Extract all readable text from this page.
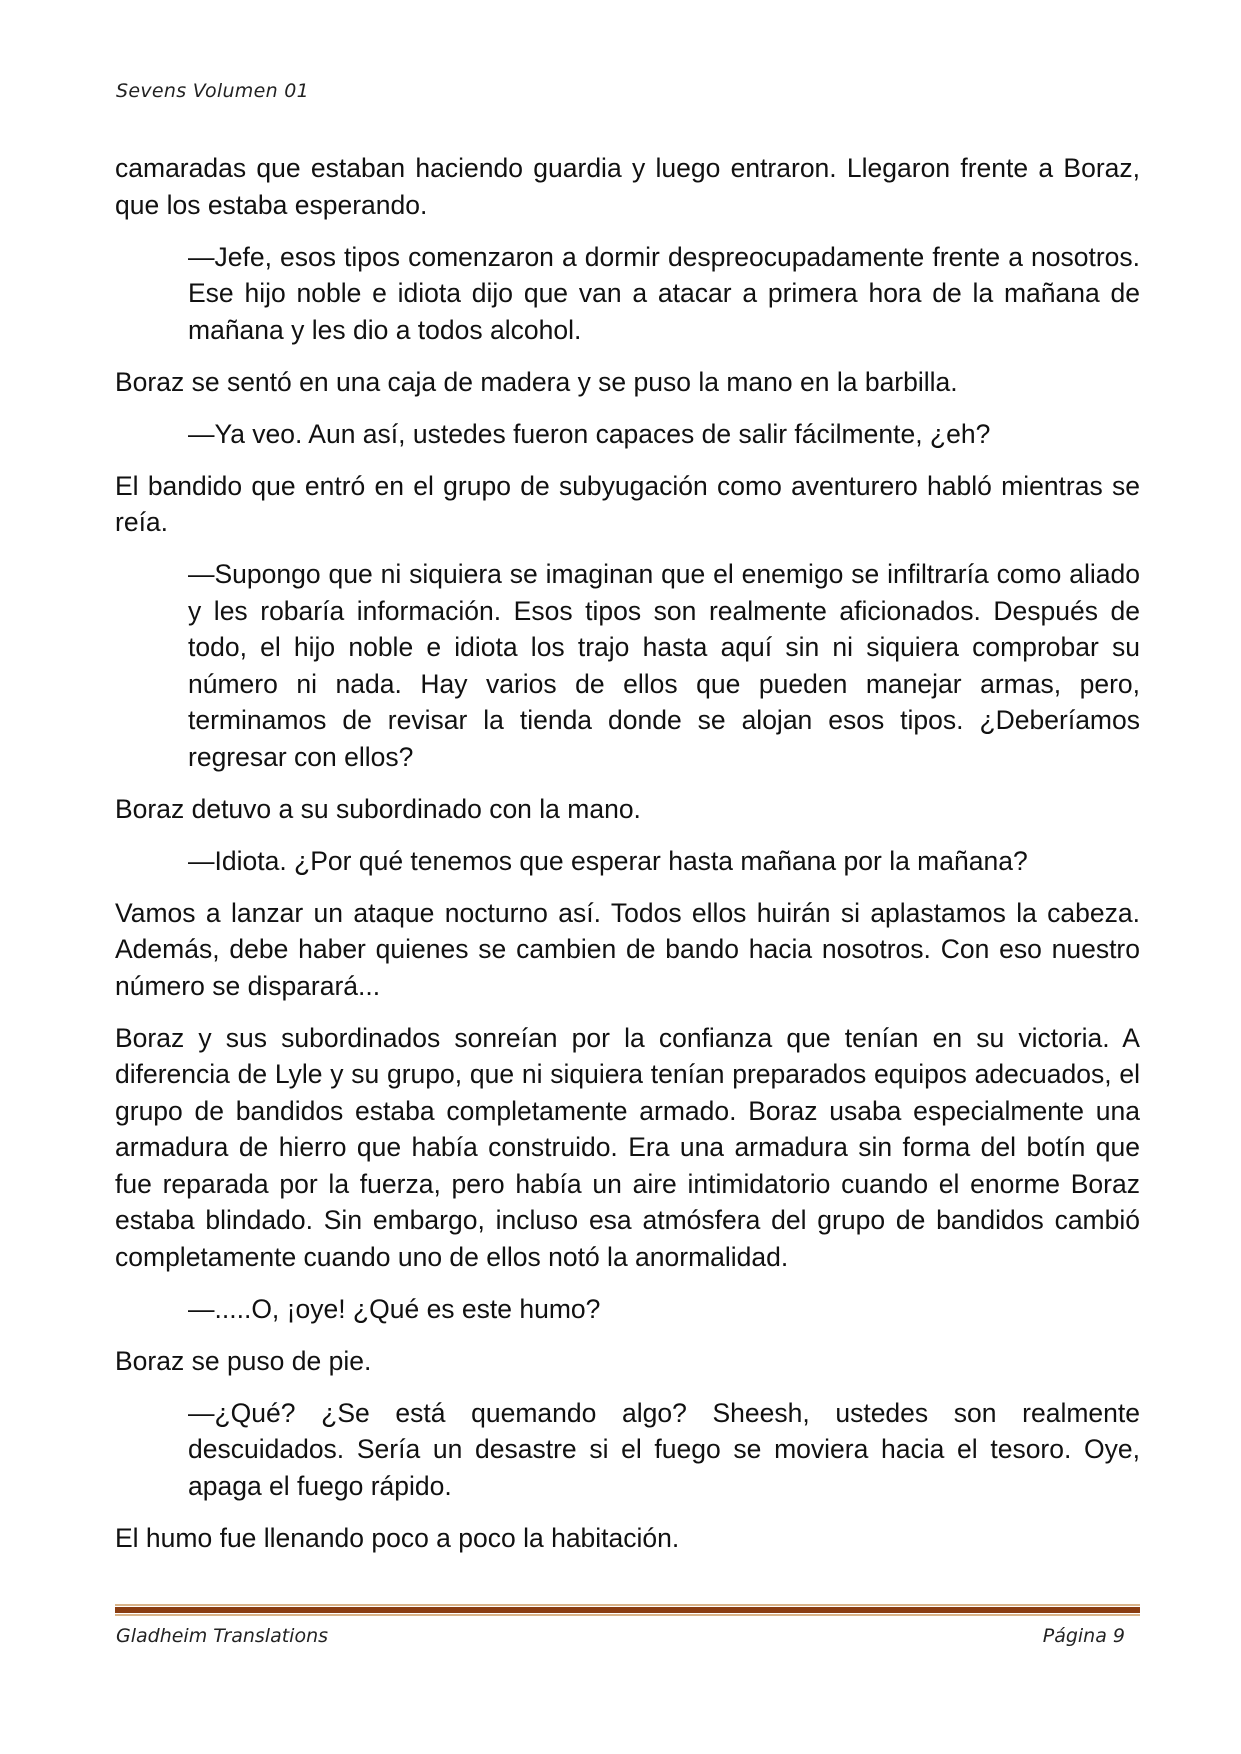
Sevens Volumen 01

camaradas que estaban haciendo guardia y luego entraron. Llegaron frente a Boraz, que los estaba esperando.

—Jefe, esos tipos comenzaron a dormir despreocupadamente frente a nosotros. Ese hijo noble e idiota dijo que van a atacar a primera hora de la mañana de mañana y les dio a todos alcohol.

Boraz se sentó en una caja de madera y se puso la mano en la barbilla.

—Ya veo. Aun así, ustedes fueron capaces de salir fácilmente, ¿eh?

El bandido que entró en el grupo de subyugación como aventurero habló mientras se reía.

—Supongo que ni siquiera se imaginan que el enemigo se infiltraría como aliado y les robaría información. Esos tipos son realmente aficionados. Después de todo, el hijo noble e idiota los trajo hasta aquí sin ni siquiera comprobar su número ni nada. Hay varios de ellos que pueden manejar armas, pero, terminamos de revisar la tienda donde se alojan esos tipos. ¿Deberíamos regresar con ellos?

Boraz detuvo a su subordinado con la mano.

—Idiota. ¿Por qué tenemos que esperar hasta mañana por la mañana?

Vamos a lanzar un ataque nocturno así. Todos ellos huirán si aplastamos la cabeza. Además, debe haber quienes se cambien de bando hacia nosotros. Con eso nuestro número se disparará...

Boraz y sus subordinados sonreían por la confianza que tenían en su victoria. A diferencia de Lyle y su grupo, que ni siquiera tenían preparados equipos adecuados, el grupo de bandidos estaba completamente armado. Boraz usaba especialmente una armadura de hierro que había construido. Era una armadura sin forma del botín que fue reparada por la fuerza, pero había un aire intimidatorio cuando el enorme Boraz estaba blindado. Sin embargo, incluso esa atmósfera del grupo de bandidos cambió completamente cuando uno de ellos notó la anormalidad.

—.....O, ¡oye! ¿Qué es este humo?

Boraz se puso de pie.

—¿Qué? ¿Se está quemando algo? Sheesh, ustedes son realmente descuidados. Sería un desastre si el fuego se moviera hacia el tesoro. Oye, apaga el fuego rápido.

El humo fue llenando poco a poco la habitación.

Gladheim Translations	Página 9
